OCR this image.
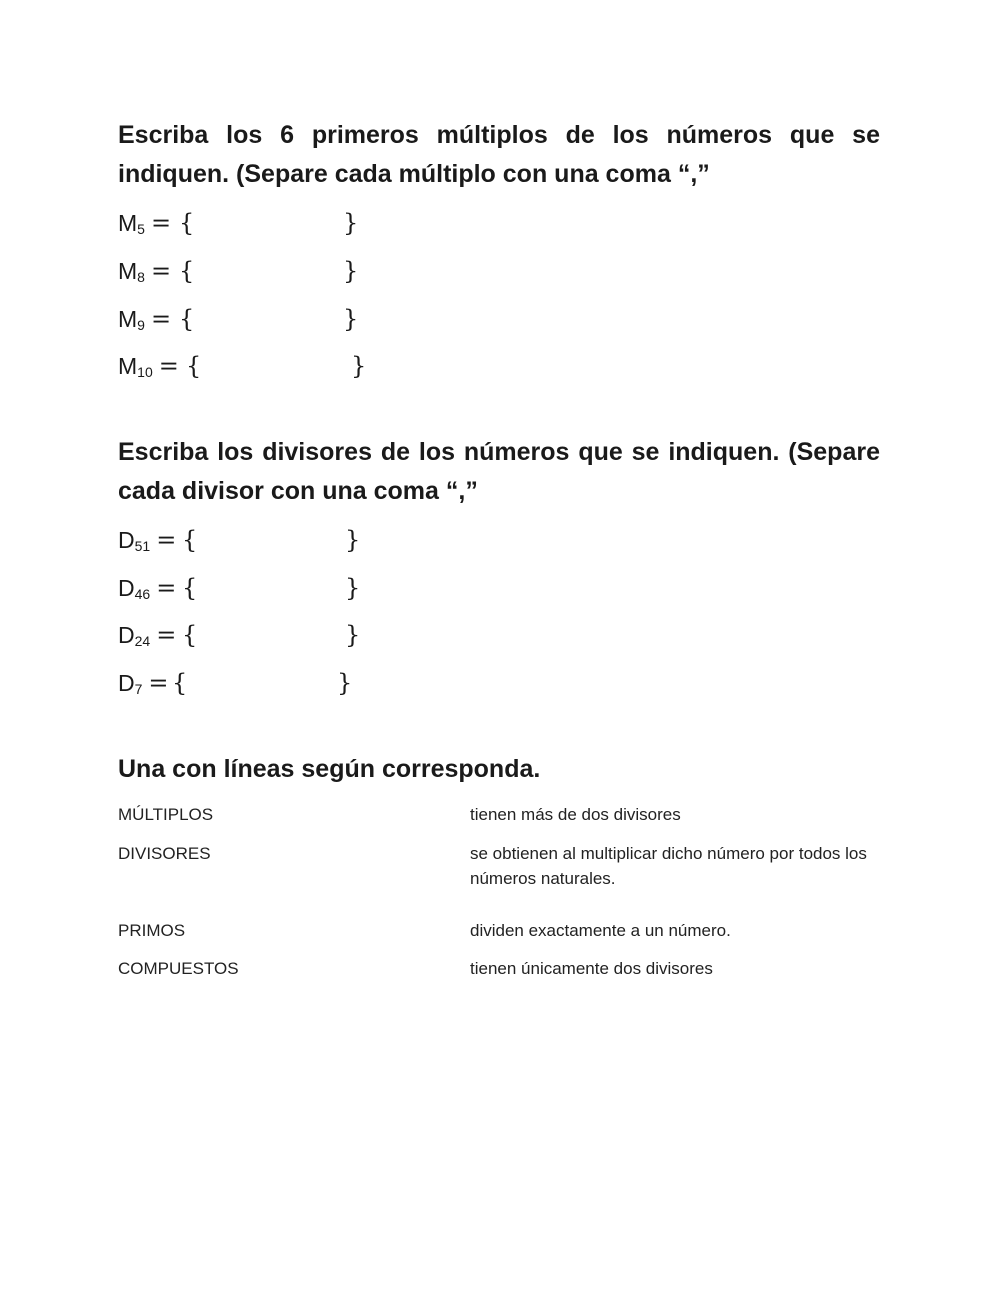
Escriba los 6 primeros múltiplos de los números que se indiquen. (Separe cada múltiplo con una coma “,”

$M_5$ = {	}
$M_8$ = {	}
$M_9$ = {	}
$M_{10}$ = {	}

Escriba los divisores de los números que se indiquen. (Separe cada divisor con una coma “,”

$D_{51}$ = {	}
$D_{46}$ = {	}
$D_{24}$ = {	}
$D_7$ = {	}

Una con líneas según corresponda.

MÚLTIPLOS	tienen más de dos divisores
DIVISORES	se obtienen al multiplicar dicho número por todos los números naturales.
PRIMOS	dividen exactamente a un número.
COMPUESTOS	tienen únicamente dos divisores
